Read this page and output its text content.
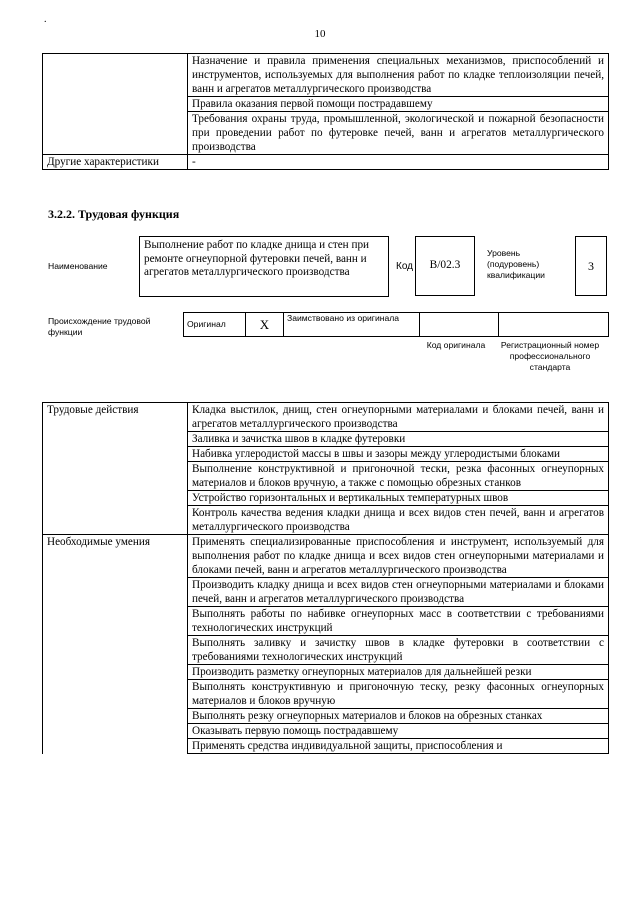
.
10
	Назначение и правила применения специальных механизмов, приспособлений и инструментов, используемых для выполнения работ по кладке теплоизоляции печей, ванн и агрегатов металлургического производства
	Правила оказания первой помощи пострадавшему
	Требования охраны труда, промышленной, экологической и пожарной безопасности при проведении работ по футеровке печей, ванн и агрегатов металлургического производства
Другие характеристики	-
3.2.2. Трудовая функция
Наименование
Выполнение работ по кладке днища и стен при ремонте огнеупорной футеровки печей, ванн и агрегатов металлургического производства	Код	B/02.3
Уровень (подуровень) квалификации
3
Происхождение трудовой функции
Оригинал	X	Заимствовано из оригинала		
Код оригинала	Регистрационный номер профессионального стандарта
Трудовые действия	Кладка выстилок, днищ, стен огнеупорными материалами и блоками печей, ванн и агрегатов металлургического производства
	Заливка и зачистка швов в кладке футеровки
	Набивка углеродистой массы в швы и зазоры между углеродистыми блоками
	Выполнение конструктивной и пригоночной тески, резка фасонных огнеупорных материалов и блоков вручную, а также с помощью обрезных станков
	Устройство горизонтальных и вертикальных температурных швов
	Контроль качества ведения кладки днища и всех видов стен печей, ванн и агрегатов металлургического производства
Необходимые умения	Применять специализированные приспособления и инструмент, используемый для выполнения работ по кладке днища и всех видов стен огнеупорными материалами и блоками печей, ванн и агрегатов металлургического производства
	Производить кладку днища и всех видов стен огнеупорными материалами и блоками печей, ванн и агрегатов металлургического производства
	Выполнять работы по набивке огнеупорных масс в соответствии с требованиями технологических инструкций
	Выполнять заливку и зачистку швов в кладке футеровки в соответствии с требованиями технологических инструкций
	Производить разметку огнеупорных материалов для дальнейшей резки
	Выполнять конструктивную и пригоночную теску, резку фасонных огнеупорных материалов и блоков вручную
	Выполнять резку огнеупорных материалов и блоков на обрезных станках
	Оказывать первую помощь пострадавшему
	Применять средства индивидуальной защиты, приспособления и
